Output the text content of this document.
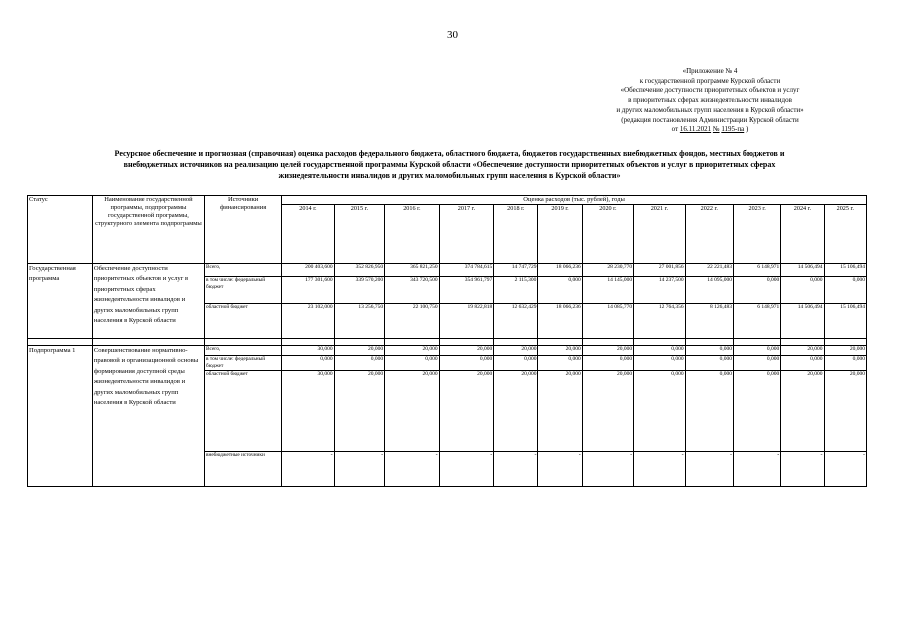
30
«Приложение № 4
к государственной программе Курской области
«Обеспечение доступности приоритетных объектов и услуг
в приоритетных сферах жизнедеятельности инвалидов
и других маломобильных групп населения в Курской области»
(редакция постановления Администрации Курской области
от 16.11.2021 № 1195-па )
Ресурсное обеспечение и прогнозная (справочная) оценка расходов федерального бюджета, областного бюджета, бюджетов государственных внебюджетных фондов, местных бюджетов и
внебюджетных источников на реализацию целей государственной программы Курской области «Обеспечение доступности приоритетных объектов и услуг в приоритетных сферах
жизнедеятельности инвалидов и других маломобильных групп населения в Курской области»
Статус	Наименование государственной программы, подпрограммы государственной программы, структурного элемента подпрограммы	Источники финансирования	Оценка расходов (тыс. рублей), годы											
			2014 г.	2015 г.	2016 г.	2017 г.	2018 г.	2019 г.	2020 г.	2021 г.	2022 г.	2023 г.	2024 г.	2025 г.
Государственная программа	Обеспечение доступности приоритетных объектов и услуг в приоритетных сферах жизнедеятельности инвалидов и других маломобильных групп населения в Курской области	Всего,	200 403,600	352 826,950	365 821,250	374 784,615	14 747,729	18 066,236	28 230,770	27 001,856	22 221,483	6 148,971	14 506,494	15 106,494
		в том числе: федеральный бюджет	177 301,600	339 570,200	343 720,500	354 961,797	2 115,300	0,000	14 145,000	14 237,500	14 095,000	0,000	0,000	0,000
		областной бюджет	23 102,000	13 256,750	22 100,750	19 822,818	12 632,429	18 066,236	14 085,770	12 764,356	8 126,483	6 148,971	14 506,494	15 106,494

Подпрограмма 1	Совершенствование нормативно-правовой и организационной основы формирования доступной среды жизнедеятельности инвалидов и других маломобильных групп населения в Курской области	Всего,	30,000	20,000	20,000	20,000	20,000	20,000	20,000	0,000	0,000	0,000	20,000	20,000
		в том числе: федеральный бюджет	0,000	0,000	0,000	0,000	0,000	0,000	0,000	0,000	0,000	0,000	0,000	0,000
		областной бюджет	30,000	20,000	20,000	20,000	20,000	20,000	20,000	0,000	0,000	0,000	20,000	20,000
		внебюджетные источники	-	-	-	-	-	-	-	-	-	-	-	-
